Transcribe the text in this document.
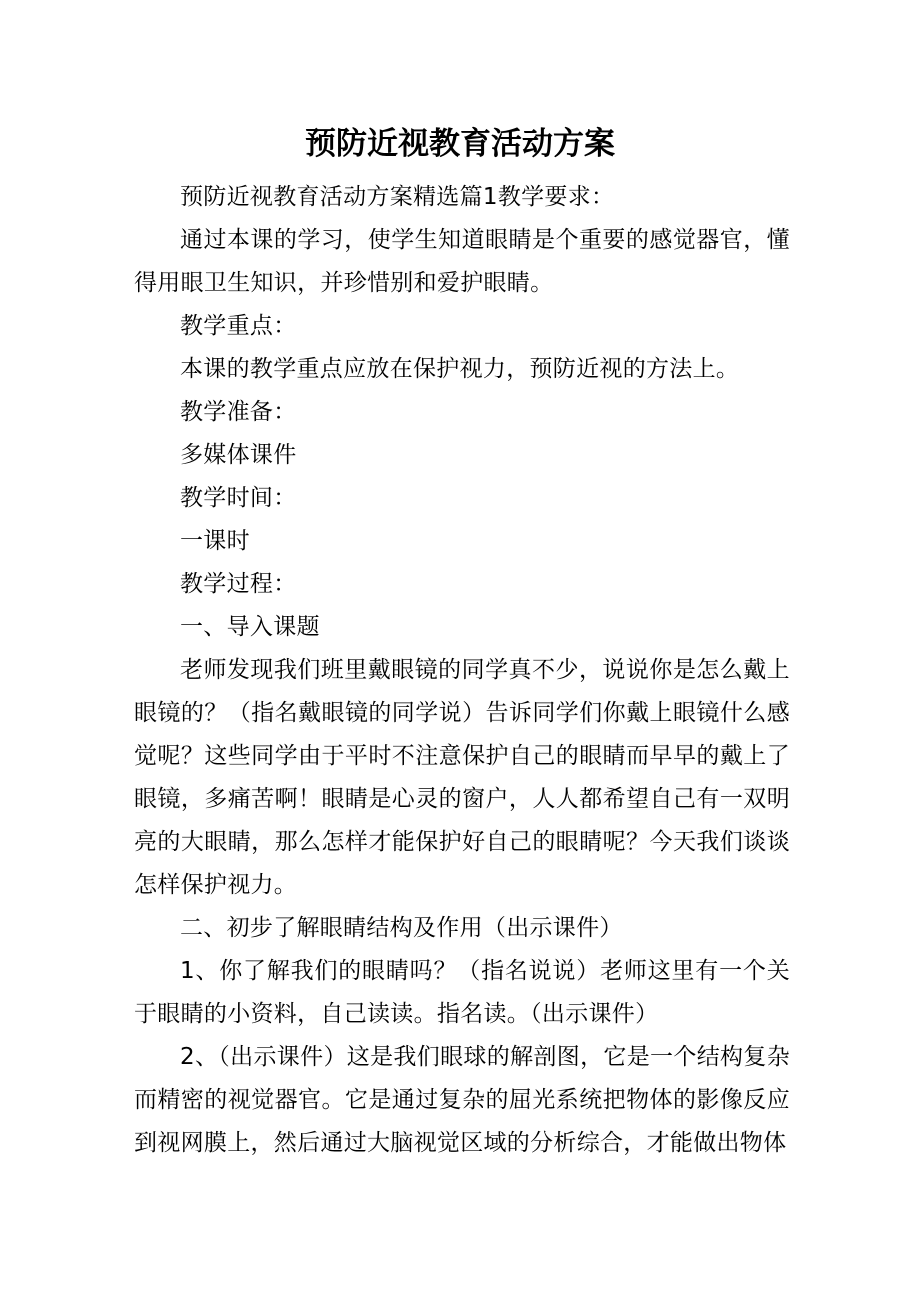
预防近视教育活动方案

预防近视教育活动方案精选篇1教学要求：

通过本课的学习，使学生知道眼睛是个重要的感觉器官，懂得用眼卫生知识，并珍惜别和爱护眼睛。

教学重点：

本课的教学重点应放在保护视力，预防近视的方法上。

教学准备：

多媒体课件

教学时间：

一课时

教学过程：

一、导入课题

老师发现我们班里戴眼镜的同学真不少，说说你是怎么戴上眼镜的？（指名戴眼镜的同学说）告诉同学们你戴上眼镜什么感觉呢？这些同学由于平时不注意保护自己的眼睛而早早的戴上了眼镜，多痛苦啊！眼睛是心灵的窗户，人人都希望自己有一双明亮的大眼睛，那么怎样才能保护好自己的眼睛呢？今天我们谈谈怎样保护视力。

二、初步了解眼睛结构及作用（出示课件）

1、你了解我们的眼睛吗？（指名说说）老师这里有一个关于眼睛的小资料，自己读读。指名读。（出示课件）

2、（出示课件）这是我们眼球的解剖图，它是一个结构复杂而精密的视觉器官。它是通过复杂的屈光系统把物体的影像反应到视网膜上，然后通过大脑视觉区域的分析综合，才能做出物体
